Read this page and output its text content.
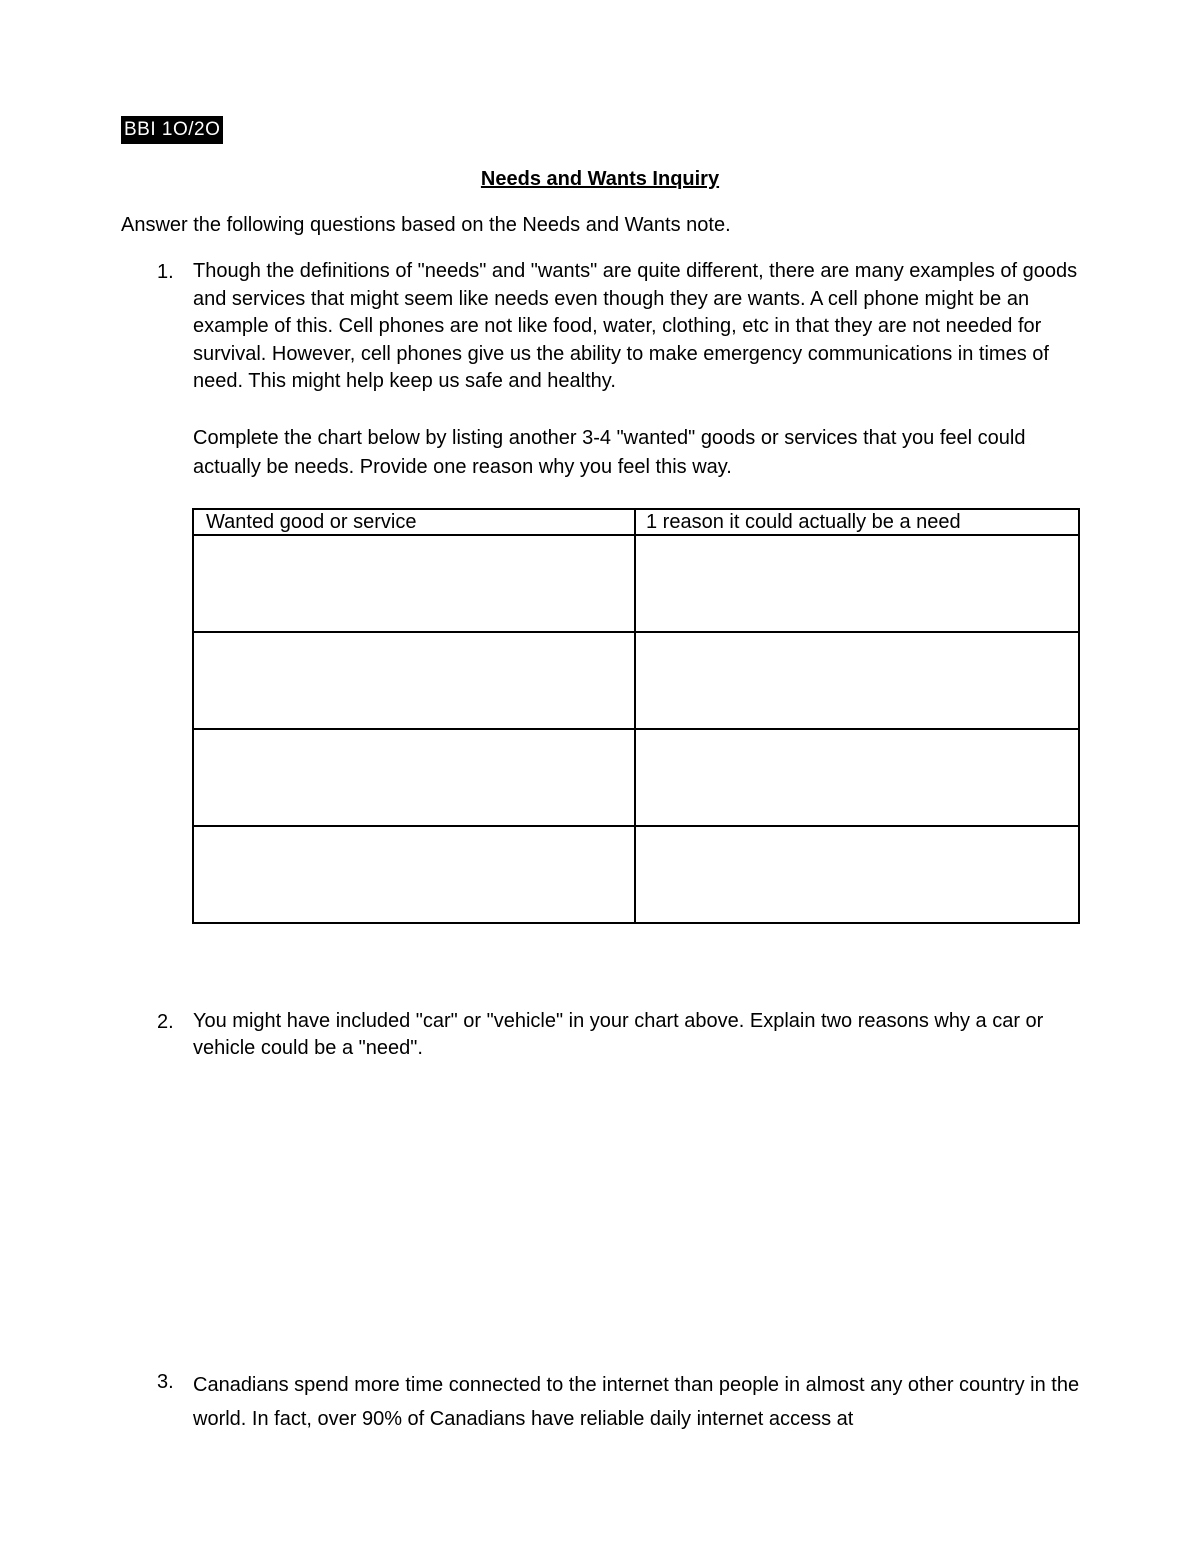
BBI 1O/2O
Needs and Wants Inquiry
Answer the following questions based on the Needs and Wants note.
1. Though the definitions of "needs" and "wants" are quite different, there are many examples of goods and services that might seem like needs even though they are wants. A cell phone might be an example of this. Cell phones are not like food, water, clothing, etc in that they are not needed for survival. However, cell phones give us the ability to make emergency communications in times of need. This might help keep us safe and healthy.

Complete the chart below by listing another 3-4 "wanted" goods or services that you feel could actually be needs. Provide one reason why you feel this way.
Wanted good or service	1 reason it could actually be a need

2. You might have included "car" or "vehicle" in your chart above. Explain two reasons why a car or vehicle could be a "need".
3. Canadians spend more time connected to the internet than people in almost any other country in the world. In fact, over 90% of Canadians have reliable daily internet access at
